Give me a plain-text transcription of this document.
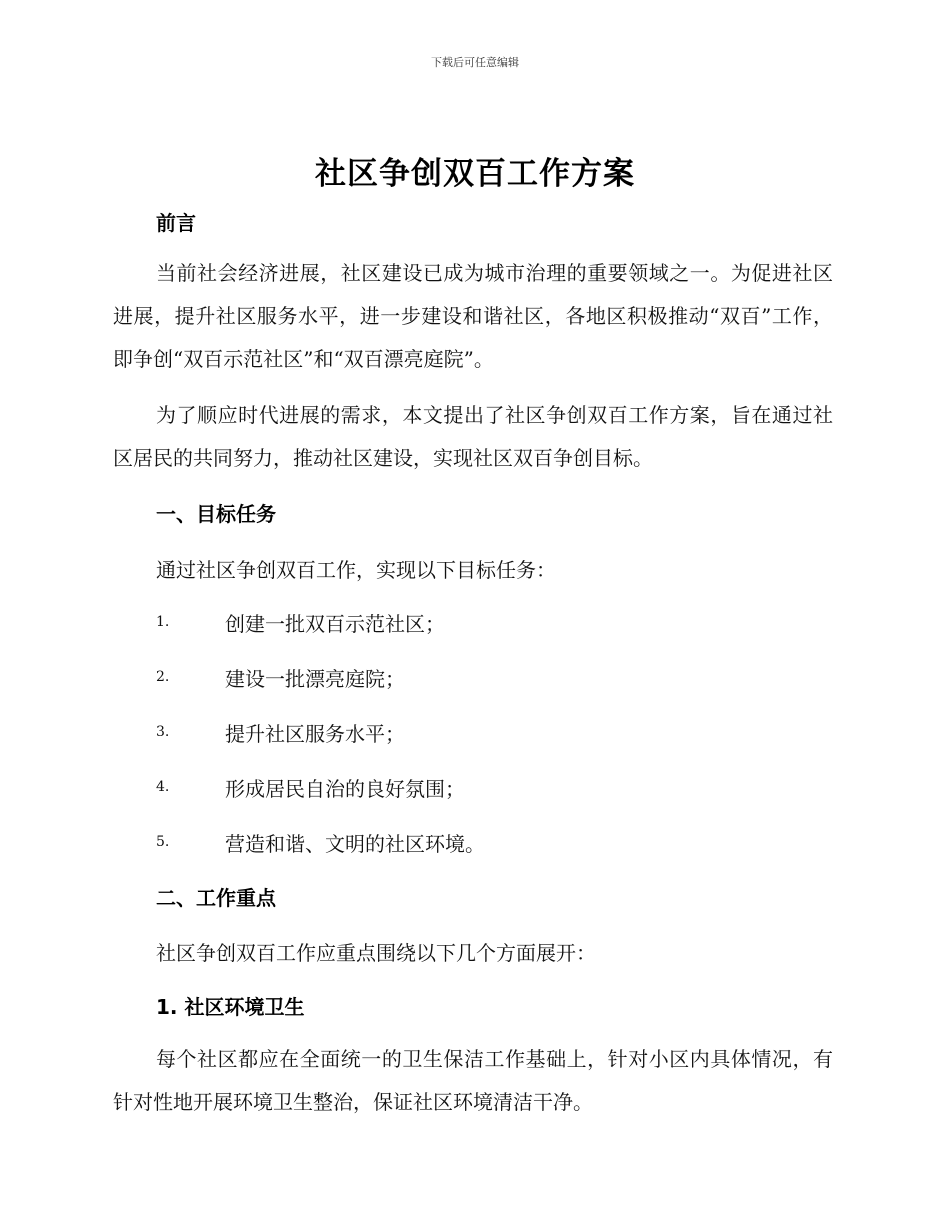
下载后可任意编辑
社区争创双百工作方案
前言

当前社会经济进展，社区建设已成为城市治理的重要领域之一。为促进社区进展，提升社区服务水平，进一步建设和谐社区，各地区积极推动“双百”工作，即争创“双百示范社区”和“双百漂亮庭院”。

为了顺应时代进展的需求，本文提出了社区争创双百工作方案，旨在通过社区居民的共同努力，推动社区建设，实现社区双百争创目标。

一、目标任务
通过社区争创双百工作，实现以下目标任务：
1.	创建一批双百示范社区；
2.	建设一批漂亮庭院；
3.	提升社区服务水平；
4.	形成居民自治的良好氛围；
5.	营造和谐、文明的社区环境。
二、工作重点
社区争创双百工作应重点围绕以下几个方面展开：
1. 社区环境卫生

每个社区都应在全面统一的卫生保洁工作基础上，针对小区内具体情况，有针对性地开展环境卫生整治，保证社区环境清洁干净。
